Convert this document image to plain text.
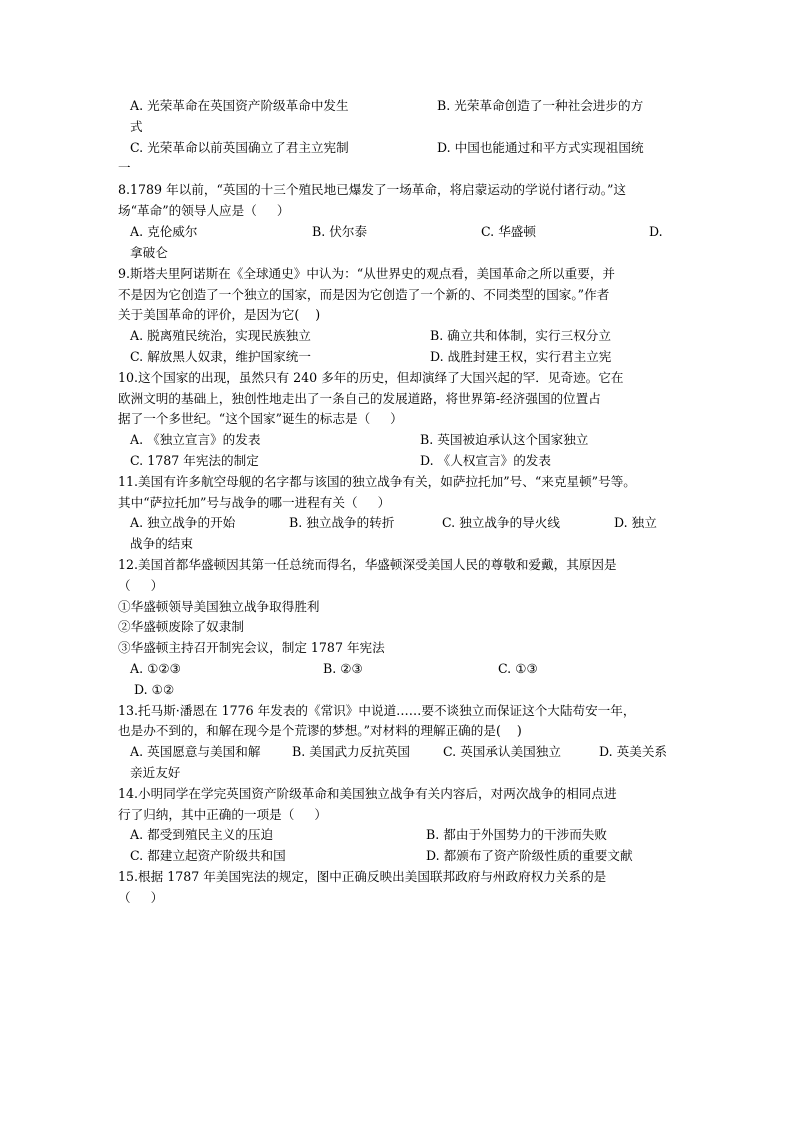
A. 光荣革命在英国资产阶级革命中发生	B. 光荣革命创造了一种社会进步的方
式
C. 光荣革命以前英国确立了君主立宪制	D. 中国也能通过和平方式实现祖国统
一
8.1789 年以前，“英国的十三个殖民地已爆发了一场革命，将启蒙运动的学说付诸行动。”这
场“革命”的领导人应是（     ）
A. 克伦威尔	B. 伏尔泰	C. 华盛顿	D.
拿破仑
9.斯塔夫里阿诺斯在《全球通史》中认为：“从世界史的观点看，美国革命之所以重要，并
不是因为它创造了一个独立的国家，而是因为它创造了一个新的、不同类型的国家。”作者
关于美国革命的评价，是因为它(    )
A. 脱离殖民统治，实现民族独立	B. 确立共和体制，实行三权分立
C. 解放黑人奴隶，维护国家统一	D. 战胜封建王权，实行君主立宪
10.这个国家的出现，虽然只有 240 多年的历史，但却演绎了大国兴起的罕．见奇迹。它在
欧洲文明的基础上，独创性地走出了一条自己的发展道路，将世界第-经济强国的位置占
据了一个多世纪。“这个国家”诞生的标志是（     ）
A. 《独立宣言》的发表	B. 英国被迫承认这个国家独立
C. 1787 年宪法的制定	D. 《人权宣言》的发表
11.美国有许多航空母舰的名字都与该国的独立战争有关，如萨拉托加”号、“来克星顿”号等。
其中“萨拉托加”号与战争的哪一进程有关（     ）
A. 独立战争的开始	B. 独立战争的转折	C. 独立战争的导火线	D. 独立
战争的结束
12.美国首都华盛顿因其第一任总统而得名，华盛顿深受美国人民的尊敬和爱戴，其原因是
（     ）
①华盛顿领导美国独立战争取得胜利
②华盛顿废除了奴隶制
③华盛顿主持召开制宪会议，制定 1787 年宪法
A. ①②③	B. ②③	C. ①③
D. ①②
13.托马斯·潘恩在 1776 年发表的《常识》中说道……要不谈独立而保证这个大陆苟安一年，
也是办不到的，和解在现今是个荒谬的梦想。”对材料的理解正确的是(    )
A. 英国愿意与美国和解	B. 美国武力反抗英国	C. 英国承认美国独立	D. 英美关系
亲近友好
14.小明同学在学完英国资产阶级革命和美国独立战争有关内容后，对两次战争的相同点进
行了归纳，其中正确的一项是（     ）
A. 都受到殖民主义的压迫	B. 都由于外国势力的干涉而失败
C. 都建立起资产阶级共和国	D. 都颁布了资产阶级性质的重要文献
15.根据 1787 年美国宪法的规定，图中正确反映出美国联邦政府与州政府权力关系的是
（     ）
